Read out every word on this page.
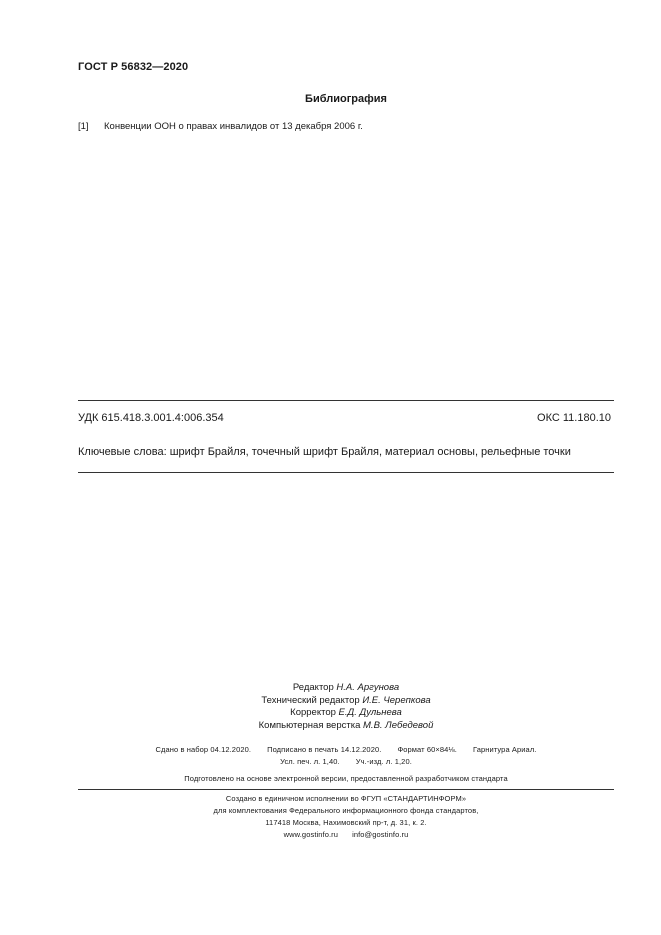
ГОСТ Р 56832—2020
Библиография
[1] Конвенции ООН о правах инвалидов от 13 декабря 2006 г.
УДК 615.418.3.001.4:006.354	ОКС 11.180.10
Ключевые слова: шрифт Брайля, точечный шрифт Брайля, материал основы, рельефные точки
Редактор Н.А. Аргунова
Технический редактор И.Е. Черепкова
Корректор Е.Д. Дульнева
Компьютерная верстка М.В. Лебедевой
Сдано в набор 04.12.2020. Подписано в печать 14.12.2020. Формат 60×84⅛. Гарнитура Ариал.
Усл. печ. л. 1,40. Уч.-изд. л. 1,20.
Подготовлено на основе электронной версии, предоставленной разработчиком стандарта
Создано в единичном исполнении во ФГУП «СТАНДАРТИНФОРМ»
для комплектования Федерального информационного фонда стандартов,
117418 Москва, Нахимовский пр-т, д. 31, к. 2.
www.gostinfo.ru info@gostinfo.ru
